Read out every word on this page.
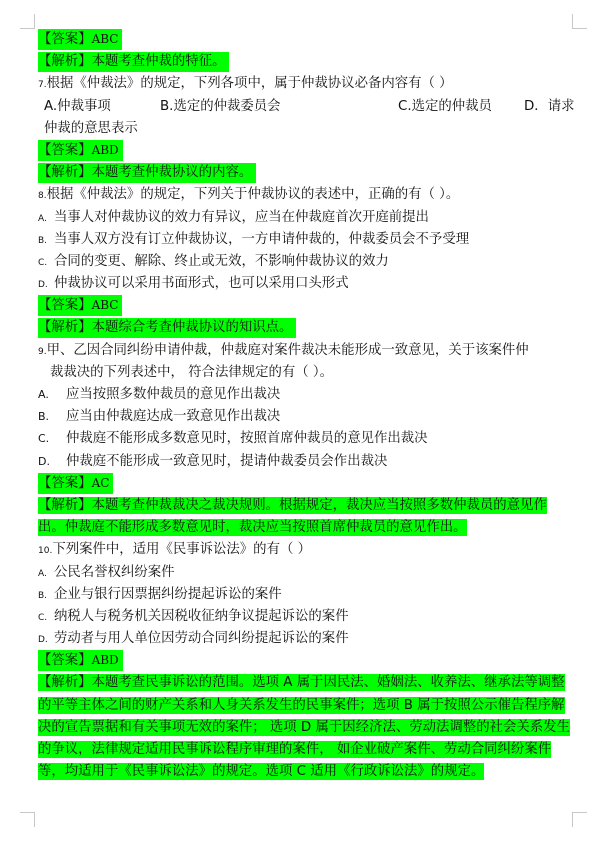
【答案】ABC
【解析】本题考查仲裁的特征。
7.根据《仲裁法》的规定，下列各项中，属于仲裁协议必备内容有（ ）
A.仲裁事项	B.选定的仲裁委员会	C.选定的仲裁员 D．请求
仲裁的意思表示
【答案】ABD
【解析】本题考查仲裁协议的内容。
8.根据《仲裁法》的规定，下列关于仲裁协议的表述中，正确的有（ ）。
A. 当事人对仲裁协议的效力有异议，应当在仲裁庭首次开庭前提出
B. 当事人双方没有订立仲裁协议，一方申请仲裁的，仲裁委员会不予受理
C. 合同的变更、解除、终止或无效，不影响仲裁协议的效力
D. 仲裁协议可以采用书面形式，也可以采用口头形式
【答案】ABC
【解析】本题综合考查仲裁协议的知识点。
9.甲、乙因合同纠纷申请仲裁，仲裁庭对案件裁决未能形成一致意见，关于该案件仲
裁裁决的下列表述中， 符合法律规定的有（ ）。
A. 应当按照多数仲裁员的意见作出裁决
B. 应当由仲裁庭达成一致意见作出裁决
C. 仲裁庭不能形成多数意见时，按照首席仲裁员的意见作出裁决
D. 仲裁庭不能形成一致意见时，提请仲裁委员会作出裁决
【答案】AC
【解析】本题考查仲裁裁决之裁决规则。根据规定，裁决应当按照多数仲裁员的意见作出。仲裁庭不能形成多数意见时，裁决应当按照首席仲裁员的意见作出。
10.下列案件中，适用《民事诉讼法》的有（ ）
A. 公民名誉权纠纷案件
B. 企业与银行因票据纠纷提起诉讼的案件
C. 纳税人与税务机关因税收征纳争议提起诉讼的案件
D. 劳动者与用人单位因劳动合同纠纷提起诉讼的案件
【答案】ABD
【解析】本题考查民事诉讼的范围。选项 A 属于因民法、婚姻法、收养法、继承法等调整的平等主体之间的财产关系和人身关系发生的民事案件；选项 B 属于按照公示催告程序解决的宣告票据和有关事项无效的案件； 选项 D 属于因经济法、劳动法调整的社会关系发生的争议，法律规定适用民事诉讼程序审理的案件， 如企业破产案件、劳动合同纠纷案件等，均适用于《民事诉讼法》的规定。选项 C 适用《行政诉讼法》的规定。
